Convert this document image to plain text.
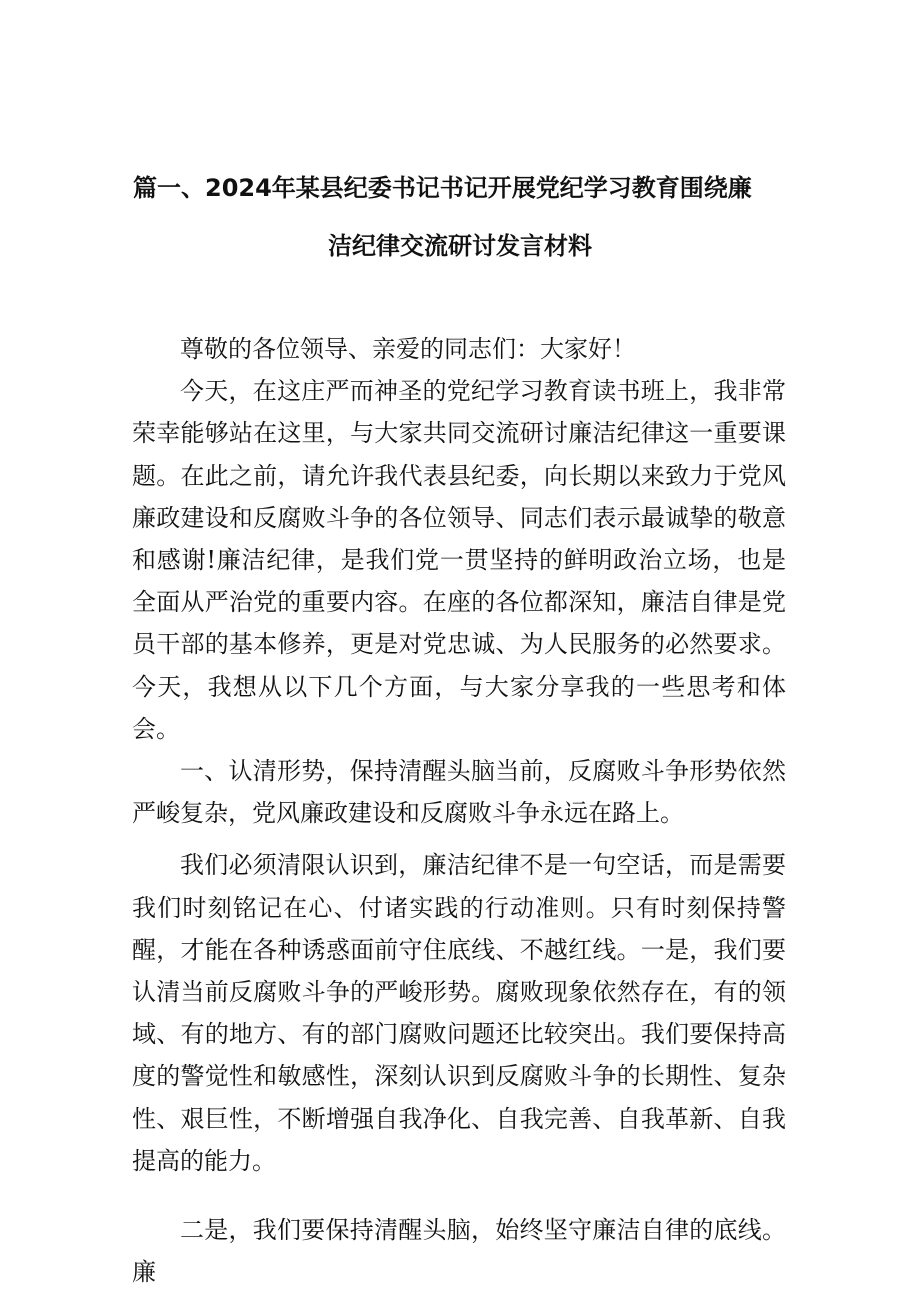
篇一、2024年某县纪委书记书记开展党纪学习教育围绕廉
洁纪律交流研讨发言材料

尊敬的各位领导、亲爱的同志们：大家好！

今天，在这庄严而神圣的党纪学习教育读书班上，我非常荣幸能够站在这里，与大家共同交流研讨廉洁纪律这一重要课题。在此之前，请允许我代表县纪委，向长期以来致力于党风廉政建设和反腐败斗争的各位领导、同志们表示最诚挚的敬意和感谢!廉洁纪律，是我们党一贯坚持的鲜明政治立场，也是全面从严治党的重要内容。在座的各位都深知，廉洁自律是党员干部的基本修养，更是对党忠诚、为人民服务的必然要求。今天，我想从以下几个方面，与大家分享我的一些思考和体会。

一、认清形势，保持清醒头脑当前，反腐败斗争形势依然严峻复杂，党风廉政建设和反腐败斗争永远在路上。

我们必须清限认识到，廉洁纪律不是一句空话，而是需要我们时刻铭记在心、付诸实践的行动准则。只有时刻保持警醒，才能在各种诱惑面前守住底线、不越红线。一是，我们要认清当前反腐败斗争的严峻形势。腐败现象依然存在，有的领域、有的地方、有的部门腐败问题还比较突出。我们要保持高度的警觉性和敏感性，深刻认识到反腐败斗争的长期性、复杂性、艰巨性，不断增强自我净化、自我完善、自我革新、自我提高的能力。

二是，我们要保持清醒头脑，始终坚守廉洁自律的底线。廉
